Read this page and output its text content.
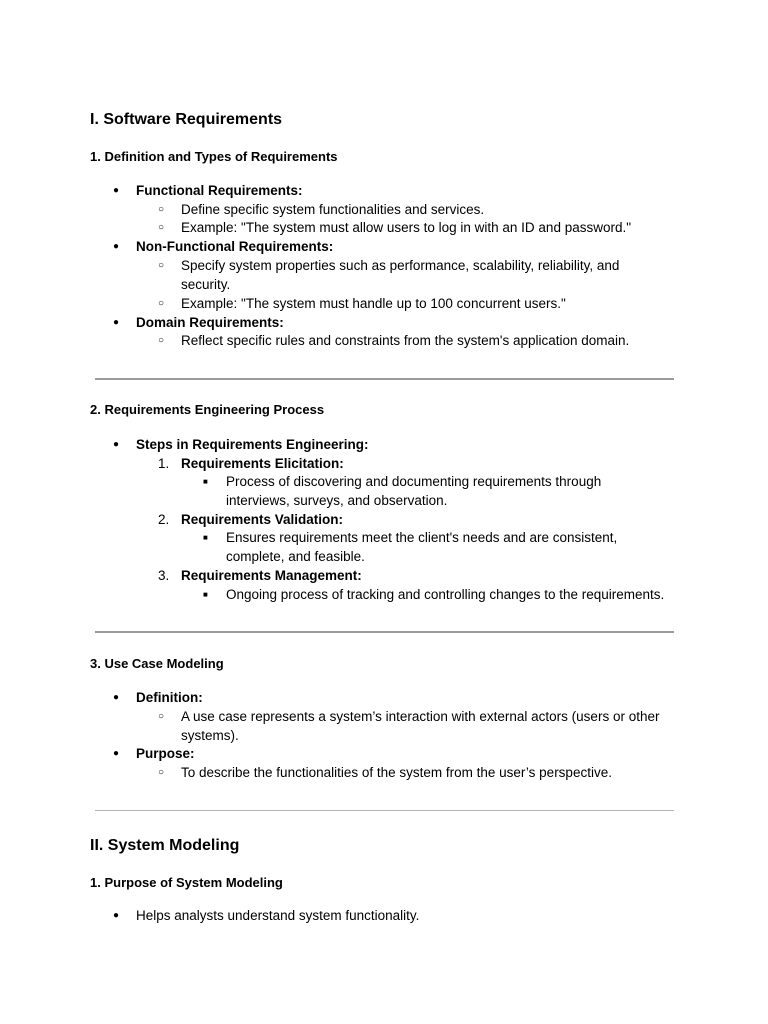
I. Software Requirements
1. Definition and Types of Requirements
● Functional Requirements:
○ Define specific system functionalities and services.
○ Example: "The system must allow users to log in with an ID and password."
● Non-Functional Requirements:
○ Specify system properties such as performance, scalability, reliability, and security.
○ Example: "The system must handle up to 100 concurrent users."
● Domain Requirements:
○ Reflect specific rules and constraints from the system's application domain.
2. Requirements Engineering Process
● Steps in Requirements Engineering:
1. Requirements Elicitation:
■ Process of discovering and documenting requirements through interviews, surveys, and observation.
2. Requirements Validation:
■ Ensures requirements meet the client's needs and are consistent, complete, and feasible.
3. Requirements Management:
■ Ongoing process of tracking and controlling changes to the requirements.
3. Use Case Modeling
● Definition:
○ A use case represents a system’s interaction with external actors (users or other systems).
● Purpose:
○ To describe the functionalities of the system from the user’s perspective.
II. System Modeling
1. Purpose of System Modeling
● Helps analysts understand system functionality.
